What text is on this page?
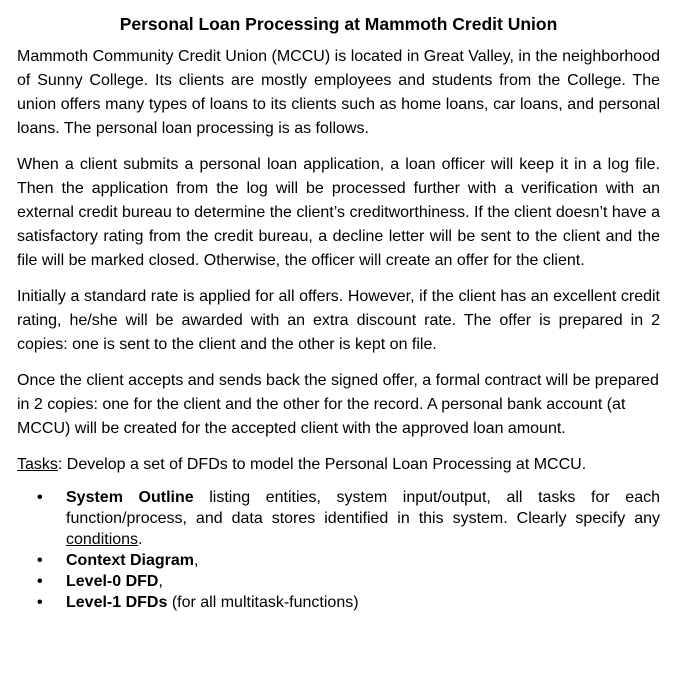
Personal Loan Processing at Mammoth Credit Union

Mammoth Community Credit Union (MCCU) is located in Great Valley, in the neighborhood of Sunny College. Its clients are mostly employees and students from the College. The union offers many types of loans to its clients such as home loans, car loans, and personal loans. The personal loan processing is as follows.

When a client submits a personal loan application, a loan officer will keep it in a log file. Then the application from the log will be processed further with a verification with an external credit bureau to determine the client’s creditworthiness. If the client doesn’t have a satisfactory rating from the credit bureau, a decline letter will be sent to the client and the file will be marked closed. Otherwise, the officer will create an offer for the client.

Initially a standard rate is applied for all offers. However, if the client has an excellent credit rating, he/she will be awarded with an extra discount rate. The offer is prepared in 2 copies: one is sent to the client and the other is kept on file.

Once the client accepts and sends back the signed offer, a formal contract will be prepared in 2 copies: one for the client and the other for the record. A personal bank account (at MCCU) will be created for the accepted client with the approved loan amount.

Tasks: Develop a set of DFDs to model the Personal Loan Processing at MCCU.
• System Outline listing entities, system input/output, all tasks for each function/process, and data stores identified in this system. Clearly specify any conditions.
• Context Diagram,
• Level-0 DFD,
• Level-1 DFDs (for all multitask-functions)
